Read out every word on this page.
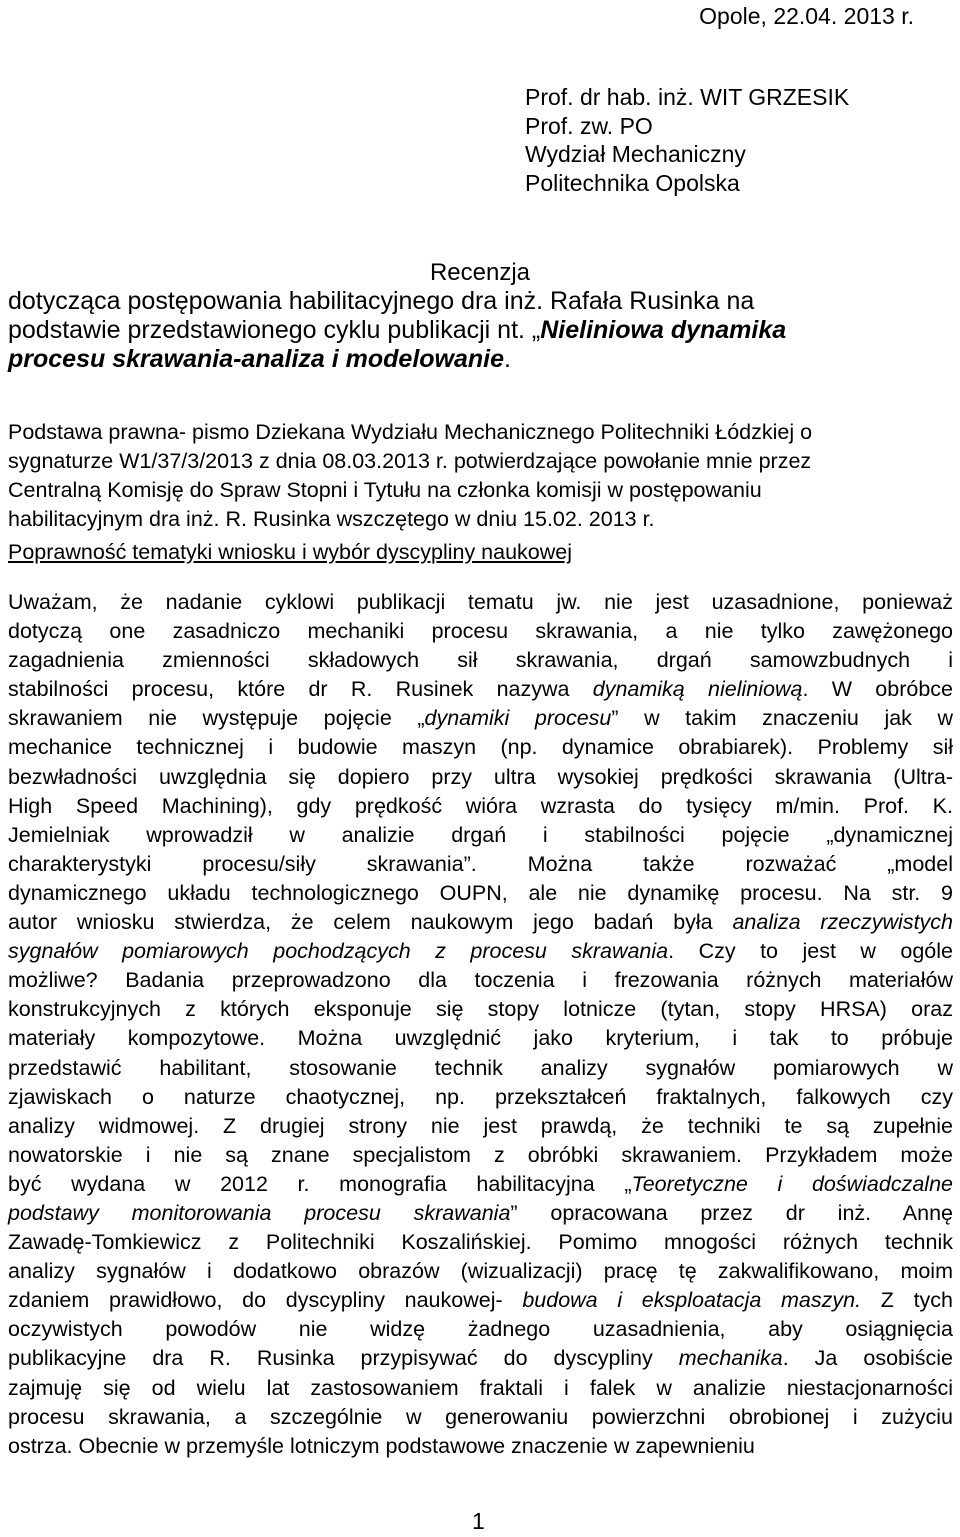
Opole, 22.04. 2013 r.
Prof. dr hab. inż. WIT GRZESIK
Prof. zw. PO
Wydział Mechaniczny
Politechnika Opolska
Recenzja
dotycząca postępowania habilitacyjnego dra inż. Rafała Rusinka na
podstawie przedstawionego cyklu publikacji nt. „Nieliniowa dynamika
procesu skrawania-analiza i modelowanie.
Podstawa prawna- pismo Dziekana Wydziału Mechanicznego Politechniki Łódzkiej o
sygnaturze W1/37/3/2013 z dnia 08.03.2013 r. potwierdzające powołanie mnie przez
Centralną Komisję do Spraw Stopni i Tytułu na członka komisji w postępowaniu
habilitacyjnym dra inż. R. Rusinka wszczętego w dniu 15.02. 2013 r.
Poprawność tematyki wniosku i wybór dyscypliny naukowej
Uważam, że nadanie cyklowi publikacji tematu jw. nie jest uzasadnione, ponieważ
dotyczą one zasadniczo mechaniki procesu skrawania, a nie tylko zawężonego
zagadnienia zmienności składowych sił skrawania, drgań samowzbudnych i
stabilności procesu, które dr R. Rusinek nazywa dynamiką nieliniową. W obróbce
skrawaniem nie występuje pojęcie „dynamiki procesu” w takim znaczeniu jak w
mechanice technicznej i budowie maszyn (np. dynamice obrabiarek). Problemy sił
bezwładności uwzględnia się dopiero przy ultra wysokiej prędkości skrawania (Ultra-
High Speed Machining), gdy prędkość wióra wzrasta do tysięcy m/min. Prof. K.
Jemielniak wprowadził w analizie drgań i stabilności pojęcie „dynamicznej
charakterystyki procesu/siły skrawania”. Można także rozważać „model
dynamicznego układu technologicznego OUPN, ale nie dynamikę procesu. Na str. 9
autor wniosku stwierdza, że celem naukowym jego badań była analiza rzeczywistych
sygnałów pomiarowych pochodzących z procesu skrawania. Czy to jest w ogóle
możliwe? Badania przeprowadzono dla toczenia i frezowania różnych materiałów
konstrukcyjnych z których eksponuje się stopy lotnicze (tytan, stopy HRSA) oraz
materiały kompozytowe. Można uwzględnić jako kryterium, i tak to próbuje
przedstawić habilitant, stosowanie technik analizy sygnałów pomiarowych w
zjawiskach o naturze chaotycznej, np. przekształceń fraktalnych, falkowych czy
analizy widmowej. Z drugiej strony nie jest prawdą, że techniki te są zupełnie
nowatorskie i nie są znane specjalistom z obróbki skrawaniem. Przykładem może
być wydana w 2012 r. monografia habilitacyjna „Teoretyczne i doświadczalne
podstawy monitorowania procesu skrawania” opracowana przez dr inż. Annę
Zawadę-Tomkiewicz z Politechniki Koszalińskiej. Pomimo mnogości różnych technik
analizy sygnałów i dodatkowo obrazów (wizualizacji) pracę tę zakwalifikowano, moim
zdaniem prawidłowo, do dyscypliny naukowej- budowa i eksploatacja maszyn. Z tych
oczywistych powodów nie widzę żadnego uzasadnienia, aby osiągnięcia
publikacyjne dra R. Rusinka przypisywać do dyscypliny mechanika. Ja osobiście
zajmuję się od wielu lat zastosowaniem fraktali i falek w analizie niestacjonarności
procesu skrawania, a szczególnie w generowaniu powierzchni obrobionej i zużyciu
ostrza. Obecnie w przemyśle lotniczym podstawowe znaczenie w zapewnieniu
1
